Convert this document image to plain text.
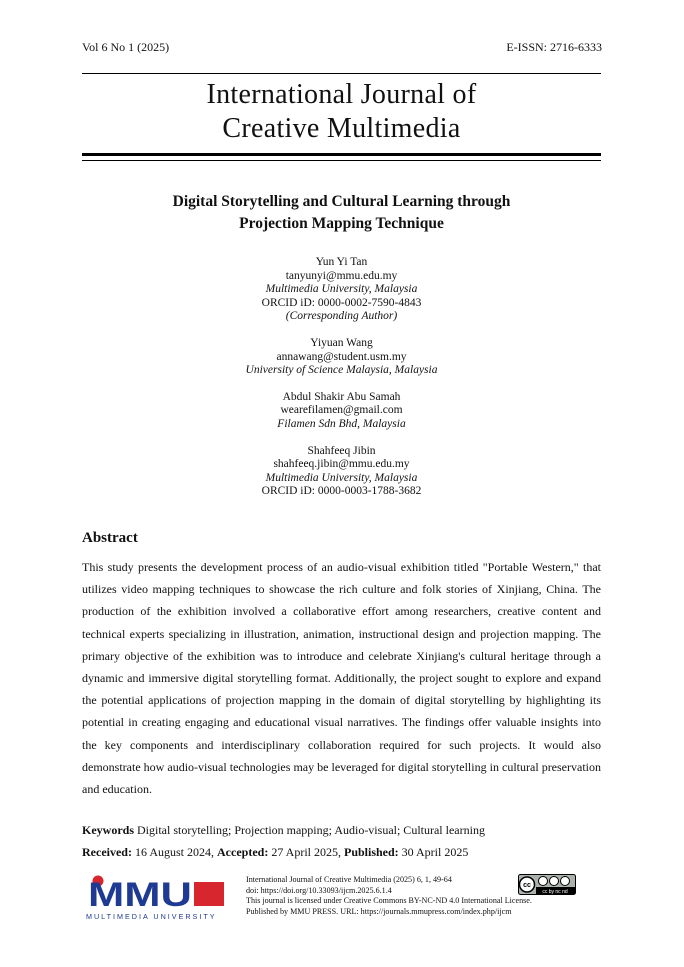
Vol 6 No 1 (2025)	E-ISSN: 2716-6333
International Journal of
Creative Multimedia
Digital Storytelling and Cultural Learning through
Projection Mapping Technique
Yun Yi Tan
tanyunyi@mmu.edu.my
Multimedia University, Malaysia
ORCID iD: 0000-0002-7590-4843
(Corresponding Author)
Yiyuan Wang
annawang@student.usm.my
University of Science Malaysia, Malaysia
Abdul Shakir Abu Samah
wearefilamen@gmail.com
Filamen Sdn Bhd, Malaysia
Shahfeeq Jibin
shahfeeq.jibin@mmu.edu.my
Multimedia University, Malaysia
ORCID iD: 0000-0003-1788-3682
Abstract

This study presents the development process of an audio-visual exhibition titled "Portable Western," that utilizes video mapping techniques to showcase the rich culture and folk stories of Xinjiang, China. The production of the exhibition involved a collaborative effort among researchers, creative content and technical experts specializing in illustration, animation, instructional design and projection mapping. The primary objective of the exhibition was to introduce and celebrate Xinjiang's cultural heritage through a dynamic and immersive digital storytelling format. Additionally, the project sought to explore and expand the potential applications of projection mapping in the domain of digital storytelling by highlighting its potential in creating engaging and educational visual narratives. The findings offer valuable insights into the key components and interdisciplinary collaboration required for such projects. It would also demonstrate how audio-visual technologies may be leveraged for digital storytelling in cultural preservation and education.

Keywords Digital storytelling; Projection mapping; Audio-visual; Cultural learning
Received: 16 August 2024, Accepted: 27 April 2025, Published: 30 April 2025
MMU
MULTIMEDIA UNIVERSITY
International Journal of Creative Multimedia (2025) 6, 1, 49-64
doi: https://doi.org/10.33093/ijcm.2025.6.1.4
This journal is licensed under Creative Commons BY-NC-ND 4.0 International License.
Published by MMU PRESS. URL: https://journals.mmupress.com/index.php/ijcm
cc
cc by nc nd
